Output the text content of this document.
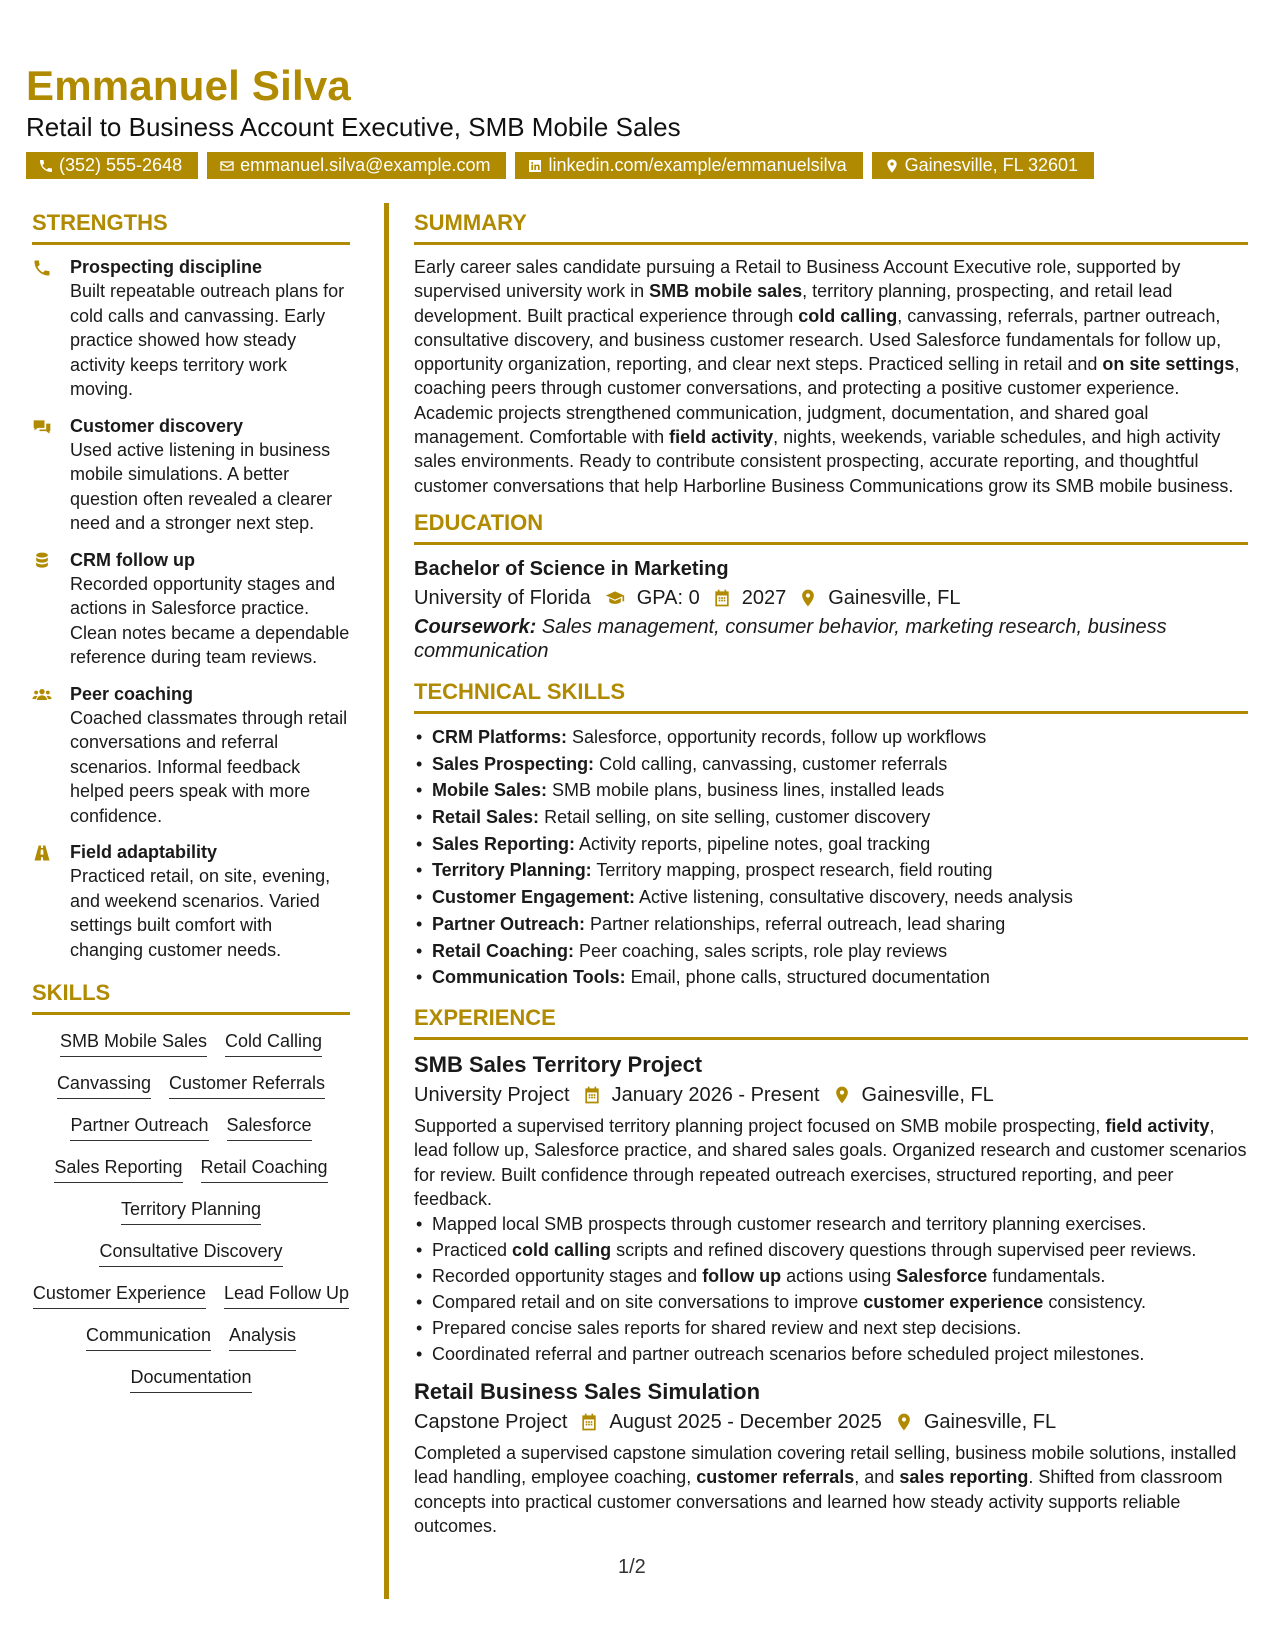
Emmanuel Silva
Retail to Business Account Executive, SMB Mobile Sales
(352) 555-2648	emmanuel.silva@example.com	linkedin.com/example/emmanuelsilva	Gainesville, FL 32601
STRENGTHS
Prospecting discipline
Built repeatable outreach plans for cold calls and canvassing. Early practice showed how steady activity keeps territory work moving.
Customer discovery
Used active listening in business mobile simulations. A better question often revealed a clearer need and a stronger next step.
CRM follow up
Recorded opportunity stages and actions in Salesforce practice. Clean notes became a dependable reference during team reviews.
Peer coaching
Coached classmates through retail conversations and referral scenarios. Informal feedback helped peers speak with more confidence.
Field adaptability
Practiced retail, on site, evening, and weekend scenarios. Varied settings built comfort with changing customer needs.
SKILLS
SMB Mobile Sales Cold Calling
Canvassing Customer Referrals
Partner Outreach Salesforce
Sales Reporting Retail Coaching
Territory Planning
Consultative Discovery
Customer Experience Lead Follow Up
Communication Analysis
Documentation
SUMMARY
Early career sales candidate pursuing a Retail to Business Account Executive role, supported by supervised university work in SMB mobile sales, territory planning, prospecting, and retail lead development. Built practical experience through cold calling, canvassing, referrals, partner outreach, consultative discovery, and business customer research. Used Salesforce fundamentals for follow up, opportunity organization, reporting, and clear next steps. Practiced selling in retail and on site settings, coaching peers through customer conversations, and protecting a positive customer experience. Academic projects strengthened communication, judgment, documentation, and shared goal management. Comfortable with field activity, nights, weekends, variable schedules, and high activity sales environments. Ready to contribute consistent prospecting, accurate reporting, and thoughtful customer conversations that help Harborline Business Communications grow its SMB mobile business.
EDUCATION
Bachelor of Science in Marketing
University of Florida GPA: 0 2027 Gainesville, FL
Coursework: Sales management, consumer behavior, marketing research, business communication
TECHNICAL SKILLS
• CRM Platforms: Salesforce, opportunity records, follow up workflows
• Sales Prospecting: Cold calling, canvassing, customer referrals
• Mobile Sales: SMB mobile plans, business lines, installed leads
• Retail Sales: Retail selling, on site selling, customer discovery
• Sales Reporting: Activity reports, pipeline notes, goal tracking
• Territory Planning: Territory mapping, prospect research, field routing
• Customer Engagement: Active listening, consultative discovery, needs analysis
• Partner Outreach: Partner relationships, referral outreach, lead sharing
• Retail Coaching: Peer coaching, sales scripts, role play reviews
• Communication Tools: Email, phone calls, structured documentation
EXPERIENCE
SMB Sales Territory Project
University Project January 2026 - Present Gainesville, FL
Supported a supervised territory planning project focused on SMB mobile prospecting, field activity, lead follow up, Salesforce practice, and shared sales goals. Organized research and customer scenarios for review. Built confidence through repeated outreach exercises, structured reporting, and peer feedback.
• Mapped local SMB prospects through customer research and territory planning exercises.
• Practiced cold calling scripts and refined discovery questions through supervised peer reviews.
• Recorded opportunity stages and follow up actions using Salesforce fundamentals.
• Compared retail and on site conversations to improve customer experience consistency.
• Prepared concise sales reports for shared review and next step decisions.
• Coordinated referral and partner outreach scenarios before scheduled project milestones.
Retail Business Sales Simulation
Capstone Project August 2025 - December 2025 Gainesville, FL
Completed a supervised capstone simulation covering retail selling, business mobile solutions, installed lead handling, employee coaching, customer referrals, and sales reporting. Shifted from classroom concepts into practical customer conversations and learned how steady activity supports reliable outcomes.
1/2
